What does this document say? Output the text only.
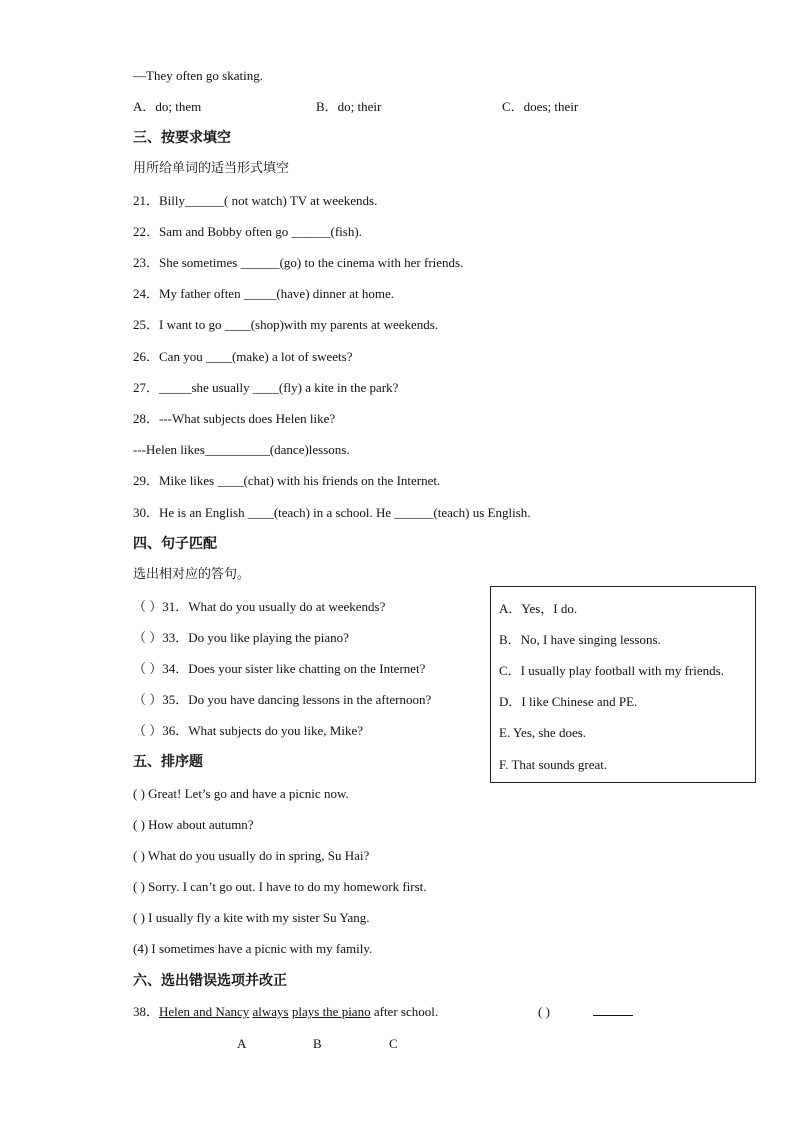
—They often go skating.
A．do; them	B．do; their	C．does; their
三、按要求填空
用所给单词的适当形式填空
21．Billy______( not watch) TV at weekends.
22．Sam and Bobby often go ______(fish).
23．She sometimes ______(go) to the cinema with her friends.
24．My father often _____(have) dinner at home.
25．I want to go ____(shop)with my parents at weekends.
26．Can you ____(make) a lot of sweets?
27．_____she usually ____(fly) a kite in the park?
28．---What subjects does Helen like?
---Helen likes__________(dance)lessons.
29．Mike likes ____(chat) with his friends on the Internet.
30．He is an English ____(teach) in a school. He ______(teach) us English.
四、句子匹配
选出相对应的答句。
（ ）31．What do you usually do at weekends?
（ ）33．Do you like playing the piano?
（ ）34．Does your sister like chatting on the Internet?
（ ）35．Do you have dancing lessons in the afternoon?
（ ）36．What subjects do you like, Mike?
A．Yes，I do.
B．No, I have singing lessons.
C．I usually play football with my friends.
D．I like Chinese and PE.
E. Yes, she does.
F. That sounds great.
五、排序题
( ) Great! Let’s go and have a picnic now.
( ) How about autumn?
( ) What do you usually do in spring, Su Hai?
( ) Sorry. I can’t go out. I have to do my homework first.
( ) I usually fly a kite with my sister Su Yang.
(4) I sometimes have a picnic with my family.
六、选出错误选项并改正
38．Helen and Nancy always plays the piano after school.	( )
A	B	C
